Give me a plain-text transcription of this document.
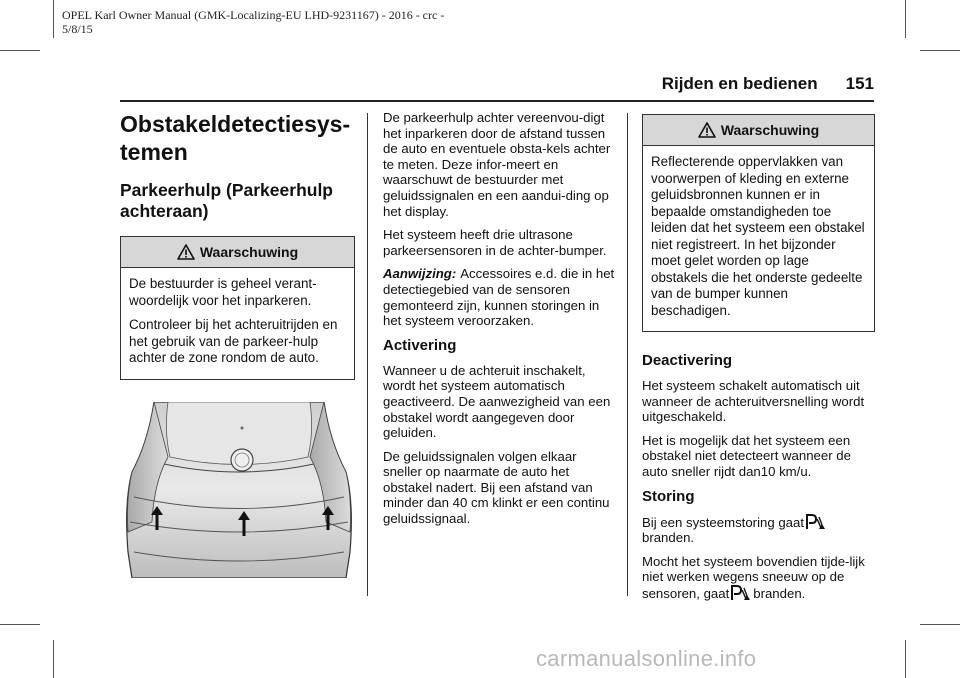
OPEL Karl Owner Manual (GMK-Localizing-EU LHD-9231167) - 2016 - crc -
5/8/15
Rijden en bedienen 151
Obstakeldetectiesys-temen
Parkeerhulp (Parkeerhulp achteraan)
Waarschuwing

De bestuurder is geheel verant-woordelijk voor het inparkeren.

Controleer bij het achteruitrijden en het gebruik van de parkeer-hulp achter de zone rondom de auto.

De parkeerhulp achter vereenvou-digt het inparkeren door de afstand tussen de auto en eventuele obsta-kels achter te meten. Deze infor-meert en waarschuwt de bestuurder met geluidssignalen en een aandui-ding op het display.

Het systeem heeft drie ultrasone parkeersensoren in de achter-bumper.

Aanwijzing: Accessoires e.d. die in het detectiegebied van de sensoren gemonteerd zijn, kunnen storingen in het systeem veroorzaken.

Activering

Wanneer u de achteruit inschakelt, wordt het systeem automatisch geactiveerd. De aanwezigheid van een obstakel wordt aangegeven door geluiden.

De geluidssignalen volgen elkaar sneller op naarmate de auto het obstakel nadert. Bij een afstand van minder dan 40 cm klinkt er een continu geluidssignaal.

Waarschuwing

Reflecterende oppervlakken van voorwerpen of kleding en externe geluidsbronnen kunnen er in bepaalde omstandigheden toe leiden dat het systeem een obstakel niet registreert. In het bijzonder moet gelet worden op lage obstakels die het onderste gedeelte van de bumper kunnen beschadigen.

Deactivering

Het systeem schakelt automatisch uit wanneer de achteruitversnelling wordt uitgeschakeld.

Het is mogelijk dat het systeem een obstakel niet detecteert wanneer de auto sneller rijdt dan10 km/u.

Storing

Bij een systeemstoring gaatbranden.

Mocht het systeem bovendien tijde-lijk niet werken wegens sneeuw op de sensoren, gaat branden.

carmanualsonline.info
